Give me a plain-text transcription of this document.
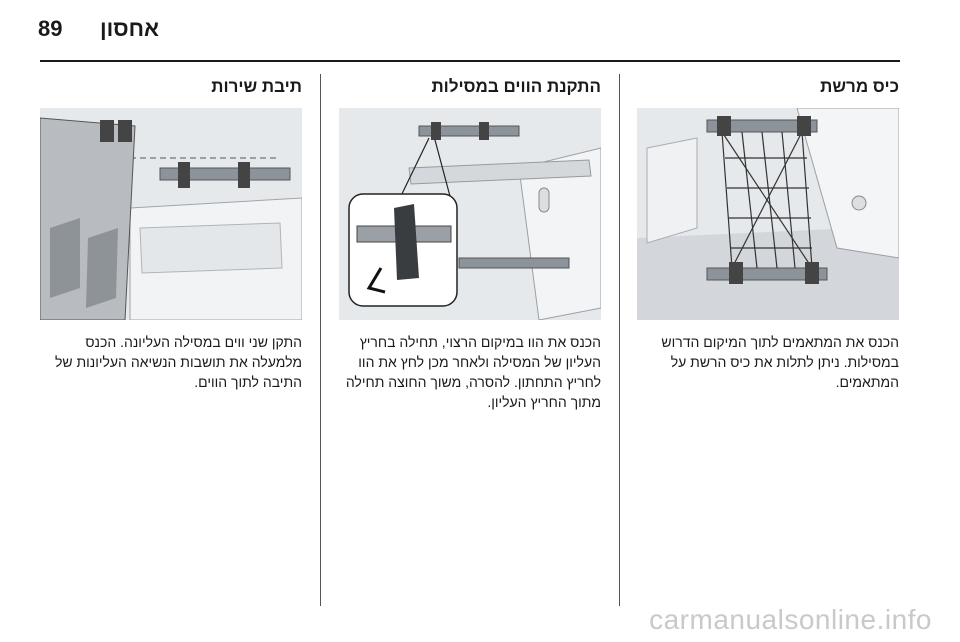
89 אחסון
כיס מרשת
הכנס את המתאמים לתוך המיקום הדרוש במסילות. ניתן לתלות את כיס הרשת על המתאמים.
התקנת הווים במסילות
הכנס את הוו במיקום הרצוי, תחילה בחריץ העליון של המסילה ולאחר מכן לחץ את הוו לחריץ התחתון. להסרה, משוך החוצה תחילה מתוך החריץ העליון.
תיבת שירות
התקן שני ווים במסילה העליונה. הכנס מלמעלה את תושבות הנשיאה העליונות של התיבה לתוך הווים.
carmanualsonline.info
